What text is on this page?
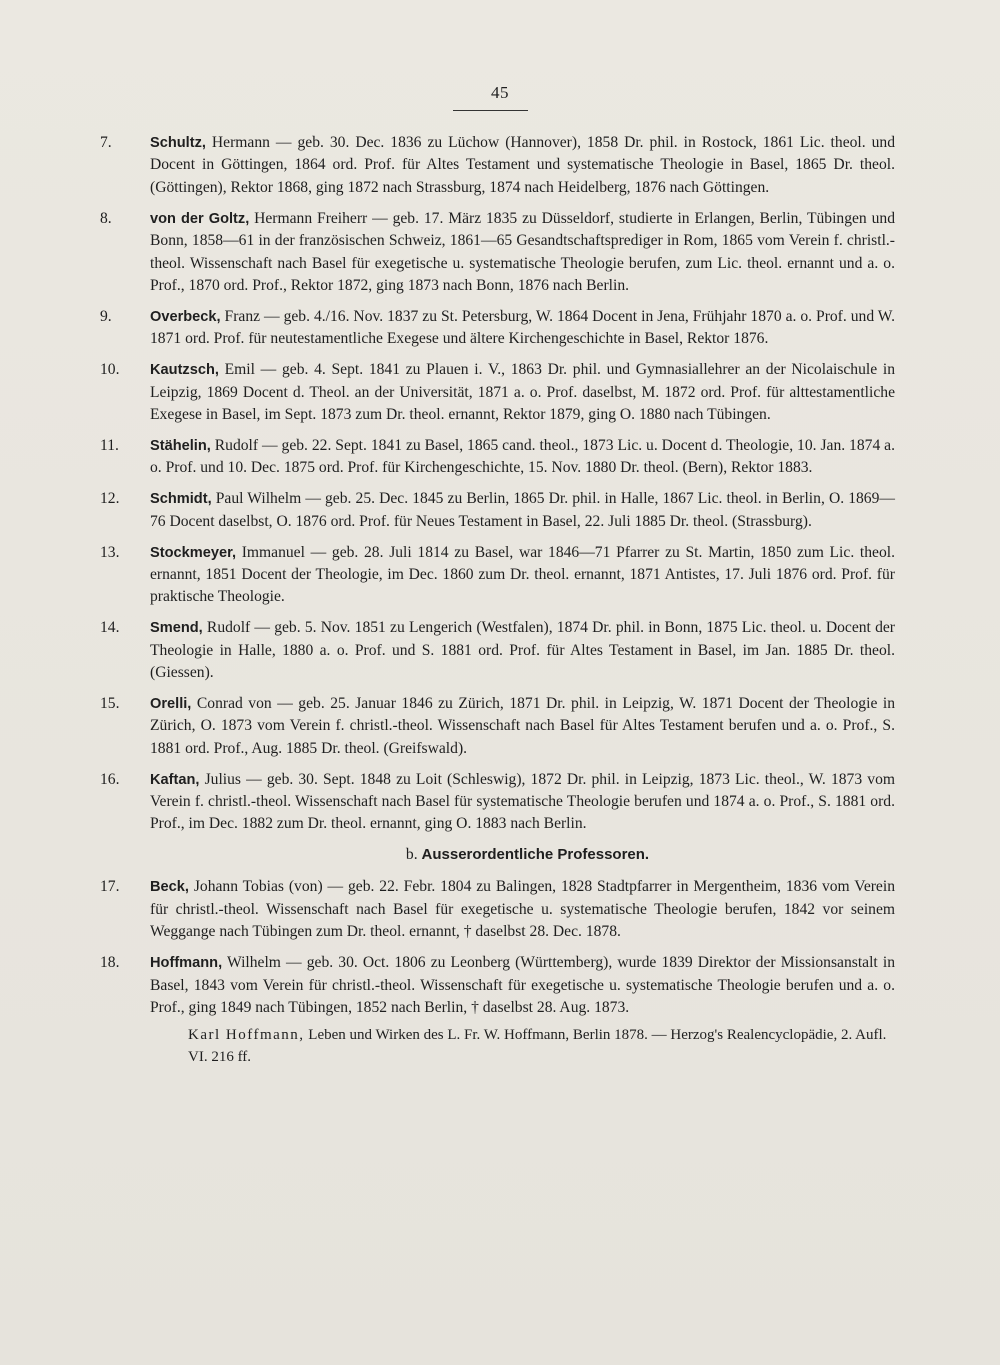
45
7.	Schultz, Hermann — geb. 30. Dec. 1836 zu Lüchow (Hannover), 1858 Dr. phil. in Rostock, 1861 Lic. theol. und Docent in Göttingen, 1864 ord. Prof. für Altes Testament und systematische Theologie in Basel, 1865 Dr. theol. (Göttingen), Rektor 1868, ging 1872 nach Strassburg, 1874 nach Heidelberg, 1876 nach Göttingen.
8.	von der Goltz, Hermann Freiherr — geb. 17. März 1835 zu Düsseldorf, studierte in Erlangen, Berlin, Tübingen und Bonn, 1858—61 in der französischen Schweiz, 1861—65 Gesandtschaftsprediger in Rom, 1865 vom Verein f. christl.-theol. Wissenschaft nach Basel für exegetische u. systematische Theologie berufen, zum Lic. theol. ernannt und a. o. Prof., 1870 ord. Prof., Rektor 1872, ging 1873 nach Bonn, 1876 nach Berlin.
9.	Overbeck, Franz — geb. 4./16. Nov. 1837 zu St. Petersburg, W. 1864 Docent in Jena, Frühjahr 1870 a. o. Prof. und W. 1871 ord. Prof. für neutestamentliche Exegese und ältere Kirchengeschichte in Basel, Rektor 1876.
10.	Kautzsch, Emil — geb. 4. Sept. 1841 zu Plauen i. V., 1863 Dr. phil. und Gymnasiallehrer an der Nicolaischule in Leipzig, 1869 Docent d. Theol. an der Universität, 1871 a. o. Prof. daselbst, M. 1872 ord. Prof. für alttestamentliche Exegese in Basel, im Sept. 1873 zum Dr. theol. ernannt, Rektor 1879, ging O. 1880 nach Tübingen.
11.	Stähelin, Rudolf — geb. 22. Sept. 1841 zu Basel, 1865 cand. theol., 1873 Lic. u. Docent d. Theologie, 10. Jan. 1874 a. o. Prof. und 10. Dec. 1875 ord. Prof. für Kirchengeschichte, 15. Nov. 1880 Dr. theol. (Bern), Rektor 1883.
12.	Schmidt, Paul Wilhelm — geb. 25. Dec. 1845 zu Berlin, 1865 Dr. phil. in Halle, 1867 Lic. theol. in Berlin, O. 1869—76 Docent daselbst, O. 1876 ord. Prof. für Neues Testament in Basel, 22. Juli 1885 Dr. theol. (Strassburg).
13.	Stockmeyer, Immanuel — geb. 28. Juli 1814 zu Basel, war 1846—71 Pfarrer zu St. Martin, 1850 zum Lic. theol. ernannt, 1851 Docent der Theologie, im Dec. 1860 zum Dr. theol. ernannt, 1871 Antistes, 17. Juli 1876 ord. Prof. für praktische Theologie.
14.	Smend, Rudolf — geb. 5. Nov. 1851 zu Lengerich (Westfalen), 1874 Dr. phil. in Bonn, 1875 Lic. theol. u. Docent der Theologie in Halle, 1880 a. o. Prof. und S. 1881 ord. Prof. für Altes Testament in Basel, im Jan. 1885 Dr. theol. (Giessen).
15.	Orelli, Conrad von — geb. 25. Januar 1846 zu Zürich, 1871 Dr. phil. in Leipzig, W. 1871 Docent der Theologie in Zürich, O. 1873 vom Verein f. christl.-theol. Wissenschaft nach Basel für Altes Testament berufen und a. o. Prof., S. 1881 ord. Prof., Aug. 1885 Dr. theol. (Greifswald).
16.	Kaftan, Julius — geb. 30. Sept. 1848 zu Loit (Schleswig), 1872 Dr. phil. in Leipzig, 1873 Lic. theol., W. 1873 vom Verein f. christl.-theol. Wissenschaft nach Basel für systematische Theologie berufen und 1874 a. o. Prof., S. 1881 ord. Prof., im Dec. 1882 zum Dr. theol. ernannt, ging O. 1883 nach Berlin.
b. Ausserordentliche Professoren.
17.	Beck, Johann Tobias (von) — geb. 22. Febr. 1804 zu Balingen, 1828 Stadtpfarrer in Mergentheim, 1836 vom Verein für christl.-theol. Wissenschaft nach Basel für exegetische u. systematische Theologie berufen, 1842 vor seinem Weggange nach Tübingen zum Dr. theol. ernannt, † daselbst 28. Dec. 1878.
18.	Hoffmann, Wilhelm — geb. 30. Oct. 1806 zu Leonberg (Württemberg), wurde 1839 Direktor der Missionsanstalt in Basel, 1843 vom Verein für christl.-theol. Wissenschaft für exegetische u. systematische Theologie berufen und a. o. Prof., ging 1849 nach Tübingen, 1852 nach Berlin, † daselbst 28. Aug. 1873.
Karl Hoffmann, Leben und Wirken des L. Fr. W. Hoffmann, Berlin 1878. — Herzog's Realencyclopädie, 2. Aufl. VI. 216 ff.
